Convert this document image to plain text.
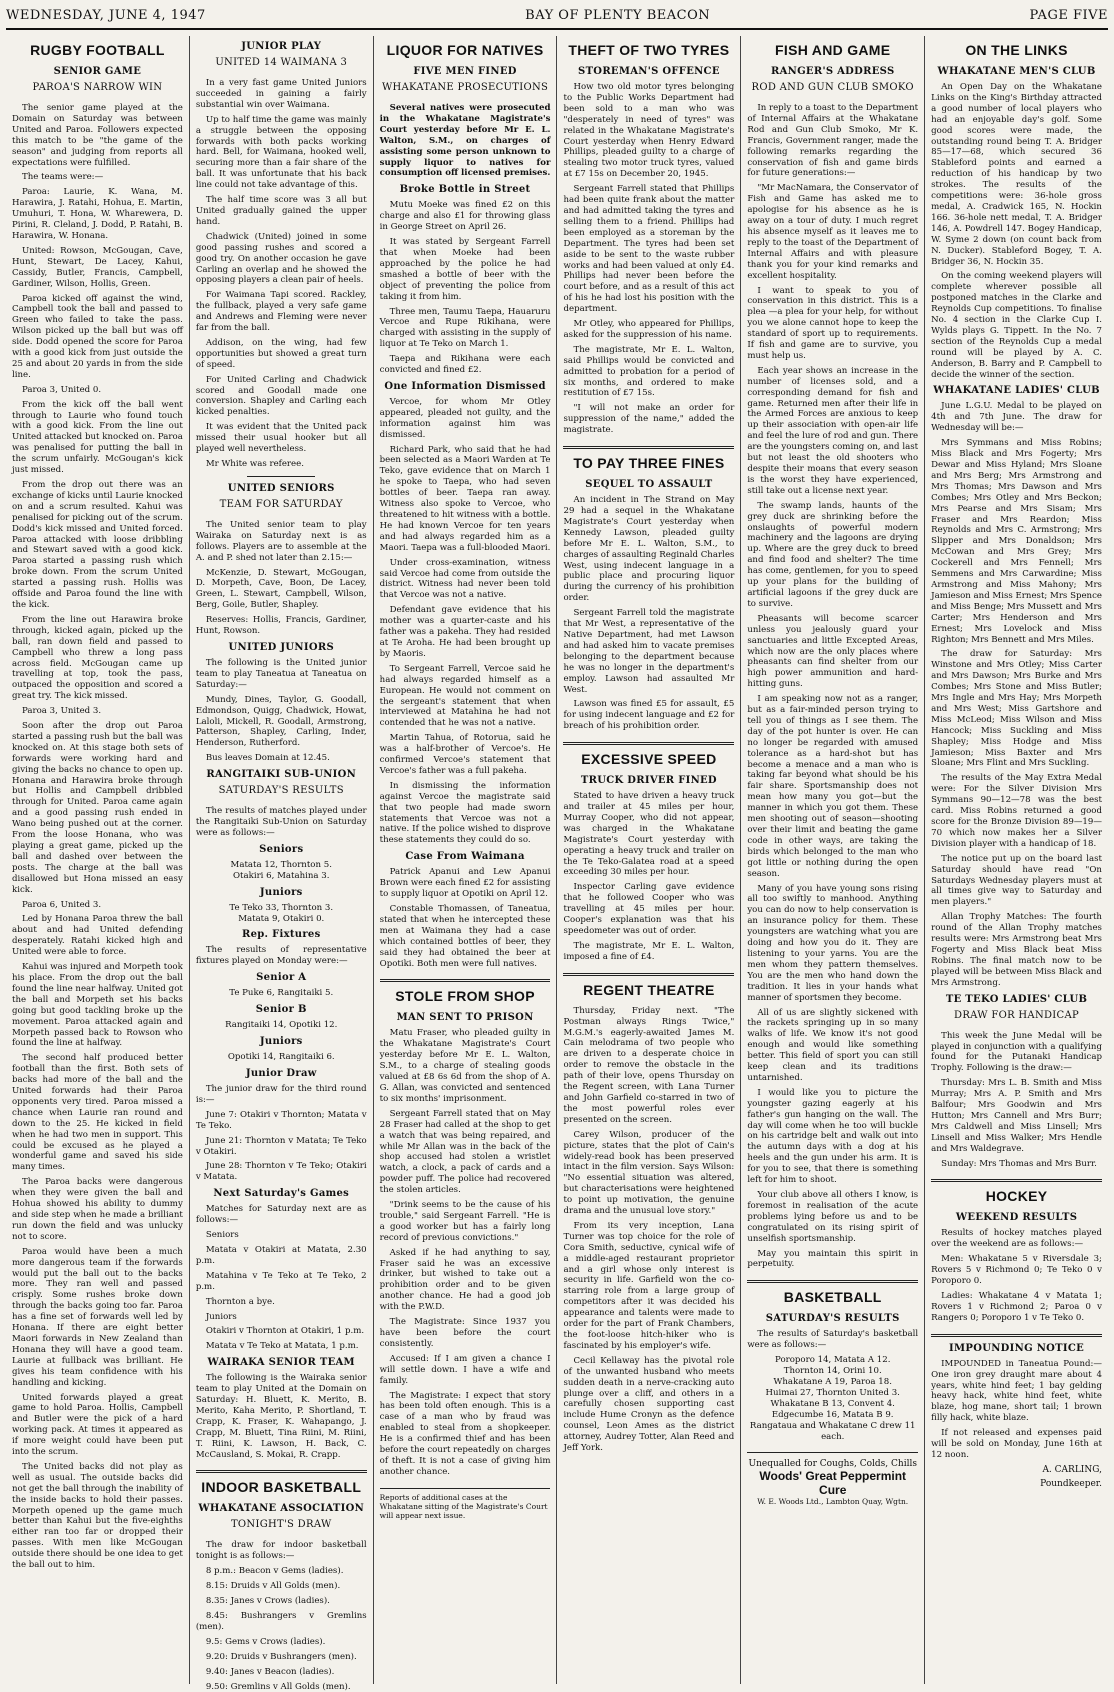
WEDNESDAY, JUNE 4, 1947	BAY OF PLENTY BEACON	PAGE FIVE
RUGBY FOOTBALL
SENIOR GAME
PAROA'S NARROW WIN

The senior game played at the Domain on Saturday was between United and Paroa. Followers expected this match to be "the game of the season" and judging from reports all expectations were fulfilled.

The teams were:—

Paroa: Laurie, K. Wana, M. Harawira, J. Ratahi, Hohua, E. Martin, Umuhuri, T. Hona, W. Wharewera, D. Pirini, R. Cleland, J. Dodd, P. Ratahi, B. Harawira, W. Honana.

United: Rowson, McGougan, Cave, Hunt, Stewart, De Lacey, Kahui, Cassidy, Butler, Francis, Campbell, Gardiner, Wilson, Hollis, Green.

Paroa kicked off against the wind, Campbell took the ball and passed to Green who failed to take the pass. Wilson picked up the ball but was off side. Dodd opened the score for Paroa with a good kick from just outside the 25 and about 20 yards in from the side line.

Paroa 3, United 0.

From the kick off the ball went through to Laurie who found touch with a good kick. From the line out United attacked but knocked on. Paroa was penalised for putting the ball in the scrum unfairly. McGougan's kick just missed.

From the drop out there was an exchange of kicks until Laurie knocked on and a scrum resulted. Kahui was penalised for picking out of the scrum. Dodd's kick missed and United forced. Paroa attacked with loose dribbling and Stewart saved with a good kick. Paroa started a passing rush which broke down. From the scrum United started a passing rush. Hollis was offside and Paroa found the line with the kick.

From the line out Harawira broke through, kicked again, picked up the ball, ran down field and passed to Campbell who threw a long pass across field. McGougan came up travelling at top, took the pass, outpaced the opposition and scored a great try. The kick missed.

Paroa 3, United 3.

Soon after the drop out Paroa started a passing rush but the ball was knocked on. At this stage both sets of forwards were working hard and giving the backs no chance to open up. Honana and Harawira broke through but Hollis and Campbell dribbled through for United. Paroa came again and a good passing rush ended in Wano being pushed out at the corner. From the loose Honana, who was playing a great game, picked up the ball and dashed over between the posts. The charge at the ball was disallowed but Hona missed an easy kick.

Paroa 6, United 3.

Led by Honana Paroa threw the ball about and had United defending desperately. Ratahi kicked high and United were able to force.

Kahui was injured and Morpeth took his place. From the drop out the ball found the line near halfway. United got the ball and Morpeth set his backs going but good tackling broke up the movement. Paroa attacked again and Morpeth passed back to Rowson who found the line at halfway.

The second half produced better football than the first. Both sets of backs had more of the ball and the United forwards had their Paroa opponents very tired. Paroa missed a chance when Laurie ran round and down to the 25. He kicked in field when he had two men in support. This could be excused as he played a wonderful game and saved his side many times.

The Paroa backs were dangerous when they were given the ball and Hohua showed his ability to dummy and side step when he made a brilliant run down the field and was unlucky not to score.

Paroa would have been a much more dangerous team if the forwards would put the ball out to the backs more. They ran well and passed crisply. Some rushes broke down through the backs going too far. Paroa has a fine set of forwards well led by Honana. If there are eight better Maori forwards in New Zealand than Honana they will have a good team. Laurie at fullback was brilliant. He gives his team confidence with his handling and kicking.

United forwards played a great game to hold Paroa. Hollis, Campbell and Butler were the pick of a hard working pack. At times it appeared as if more weight could have been put into the scrum.

The United backs did not play as well as usual. The outside backs did not get the ball through the inability of the inside backs to hold their passes. Morpeth opened up the game much better than Kahui but the five-eighths either ran too far or dropped their passes. With men like McGougan outside there should be one idea to get the ball out to him.

JUNIOR PLAY
UNITED 14 WAIMANA 3

In a very fast game United Juniors succeeded in gaining a fairly substantial win over Waimana.

Up to half time the game was mainly a struggle between the opposing forwards with both packs working hard. Bell, for Waimana, hooked well, securing more than a fair share of the ball. It was unfortunate that his back line could not take advantage of this.

The half time score was 3 all but United gradually gained the upper hand.

Chadwick (United) joined in some good passing rushes and scored a good try. On another occasion he gave Carling an overlap and he showed the opposing players a clean pair of heels.

For Waimana Tapi scored. Rackley, the fullback, played a very safe game and Andrews and Fleming were never far from the ball.

Addison, on the wing, had few opportunities but showed a great turn of speed.

For United Carling and Chadwick scored and Goodall made one conversion. Shapley and Carling each kicked penalties.

It was evident that the United pack missed their usual hooker but all played well nevertheless.

Mr White was referee.

UNITED SENIORS
TEAM FOR SATURDAY

The United senior team to play Wairaka on Saturday next is as follows. Players are to assemble at the A. and P. shed not later than 2.15:—

McKenzie, D. Stewart, McGougan, D. Morpeth, Cave, Boon, De Lacey, Green, L. Stewart, Campbell, Wilson, Berg, Goile, Butler, Shapley.

Reserves: Hollis, Francis, Gardiner, Hunt, Rowson.

UNITED JUNIORS

The following is the United junior team to play Taneatua at Taneatua on Saturday:—

Mundy, Dines, Taylor, G. Goodall, Edmondson, Quigg, Chadwick, Howat, Laloli, Mickell, R. Goodall, Armstrong, Patterson, Shapley, Carling, Inder, Henderson, Rutherford.

Bus leaves Domain at 12.45.

RANGITAIKI SUB-UNION
SATURDAY'S RESULTS

The results of matches played under the Rangitaiki Sub-Union on Saturday were as follows:—

Seniors

Matata 12, Thornton 5.

Otakiri 6, Matahina 3.

Juniors

Te Teko 33, Thornton 3.

Matata 9, Otakiri 0.

Rep. Fixtures

The results of representative fixtures played on Monday were:—

Senior A

Te Puke 6, Rangitaiki 5.

Senior B

Rangitaiki 14, Opotiki 12.

Juniors

Opotiki 14, Rangitaiki 6.

Junior Draw

The junior draw for the third round is:—

June 7: Otakiri v Thornton; Matata v Te Teko.

June 21: Thornton v Matata; Te Teko v Otakiri.

June 28: Thornton v Te Teko; Otakiri v Matata.

Next Saturday's Games

Matches for Saturday next are as follows:—

Seniors

Matata v Otakiri at Matata, 2.30 p.m.

Matahina v Te Teko at Te Teko, 2 p.m.

Thornton a bye.

Juniors

Otakiri v Thornton at Otakiri, 1 p.m.

Matata v Te Teko at Matata, 1 p.m.

WAIRAKA SENIOR TEAM

The following is the Wairaka senior team to play United at the Domain on Saturday: H. Bluett, K. Merito, B. Merito, Kaha Merito, P. Shortland, T. Crapp, K. Fraser, K. Wahapango, J. Crapp, M. Bluett, Tina Riini, M. Riini, T. Riini, K. Lawson, H. Back, C. McCausland, S. Mokai, R. Crapp.

INDOOR BASKETBALL
WHAKATANE ASSOCIATION
TONIGHT'S DRAW

The draw for indoor basketball tonight is as follows:—

8 p.m.: Beacon v Gems (ladies).

8.15: Druids v All Golds (men).

8.35: Janes v Crows (ladies).

8.45: Bushrangers v Gremlins (men).

9.5: Gems v Crows (ladies).

9.20: Druids v Bushrangers (men).

9.40: Janes v Beacon (ladies).

9.50: Gremlins v All Golds (men).

LIQUOR FOR NATIVES
FIVE MEN FINED
WHAKATANE PROSECUTIONS

Several natives were prosecuted in the Whakatane Magistrate's Court yesterday before Mr E. L. Walton, S.M., on charges of assisting some person unknown to supply liquor to natives for consumption off licensed premises.

Broke Bottle in Street

Mutu Moeke was fined £2 on this charge and also £1 for throwing glass in George Street on April 26.

It was stated by Sergeant Farrell that when Moeke had been approached by the police he had smashed a bottle of beer with the object of preventing the police from taking it from him.

Three men, Taumu Taepa, Hauaruru Vercoe and Rupe Rikihana, were charged with assisting in the supply of liquor at Te Teko on March 1.

Taepa and Rikihana were each convicted and fined £2.

One Information Dismissed

Vercoe, for whom Mr Otley appeared, pleaded not guilty, and the information against him was dismissed.

Richard Park, who said that he had been selected as a Maori Warden at Te Teko, gave evidence that on March 1 he spoke to Taepa, who had seven bottles of beer. Taepa ran away. Witness also spoke to Vercoe, who threatened to hit witness with a bottle. He had known Vercoe for ten years and had always regarded him as a Maori. Taepa was a full-blooded Maori.

Under cross-examination, witness said Vercoe had come from outside the district. Witness had never been told that Vercoe was not a native.

Defendant gave evidence that his mother was a quarter-caste and his father was a pakeha. They had resided at Te Aroha. He had been brought up by Maoris.

To Sergeant Farrell, Vercoe said he had always regarded himself as a European. He would not comment on the sergeant's statement that when interviewed at Matahina he had not contended that he was not a native.

Martin Tahua, of Rotorua, said he was a half-brother of Vercoe's. He confirmed Vercoe's statement that Vercoe's father was a full pakeha.

In dismissing the information against Vercoe the magistrate said that two people had made sworn statements that Vercoe was not a native. If the police wished to disprove these statements they could do so.

Case From Waimana

Patrick Apanui and Lew Apanui Brown were each fined £2 for assisting to supply liquor at Opotiki on April 12.

Constable Thomassen, of Taneatua, stated that when he intercepted these men at Waimana they had a case which contained bottles of beer, they said they had obtained the beer at Opotiki. Both men were full natives.

STOLE FROM SHOP
MAN SENT TO PRISON

Matu Fraser, who pleaded guilty in the Whakatane Magistrate's Court yesterday before Mr E. L. Walton, S.M., to a charge of stealing goods valued at £8 6s 6d from the shop of A. G. Allan, was convicted and sentenced to six months' imprisonment.

Sergeant Farrell stated that on May 28 Fraser had called at the shop to get a watch that was being repaired, and while Mr Allan was in the back of the shop accused had stolen a wristlet watch, a clock, a pack of cards and a powder puff. The police had recovered the stolen articles.

"Drink seems to be the cause of his trouble," said Sergeant Farrell. "He is a good worker but has a fairly long record of previous convictions."

Asked if he had anything to say, Fraser said he was an excessive drinker, but wished to take out a prohibition order and to be given another chance. He had a good job with the P.W.D.

The Magistrate: Since 1937 you have been before the court consistently.

Accused: If I am given a chance I will settle down. I have a wife and family.

The Magistrate: I expect that story has been told often enough. This is a case of a man who by fraud was enabled to steal from a shopkeeper. He is a confirmed thief and has been before the court repeatedly on charges of theft. It is not a case of giving him another chance.

Reports of additional cases at the Whakatane sitting of the Magistrate's Court will appear next issue.
THEFT OF TWO TYRES
STOREMAN'S OFFENCE

How two old motor tyres belonging to the Public Works Department had been sold to a man who was "desperately in need of tyres" was related in the Whakatane Magistrate's Court yesterday when Henry Edward Phillips, pleaded guilty to a charge of stealing two motor truck tyres, valued at £7 15s on December 20, 1945.

Sergeant Farrell stated that Phillips had been quite frank about the matter and had admitted taking the tyres and selling them to a friend. Phillips had been employed as a storeman by the Department. The tyres had been set aside to be sent to the waste rubber works and had been valued at only £4. Phillips had never been before the court before, and as a result of this act of his he had lost his position with the department.

Mr Otley, who appeared for Phillips, asked for the suppression of his name.

The magistrate, Mr E. L. Walton, said Phillips would be convicted and admitted to probation for a period of six months, and ordered to make restitution of £7 15s.

"I will not make an order for suppression of the name," added the magistrate.

TO PAY THREE FINES
SEQUEL TO ASSAULT

An incident in The Strand on May 29 had a sequel in the Whakatane Magistrate's Court yesterday when Kennedy Lawson, pleaded guilty before Mr E. L. Walton, S.M., to charges of assaulting Reginald Charles West, using indecent language in a public place and procuring liquor during the currency of his prohibition order.

Sergeant Farrell told the magistrate that Mr West, a representative of the Native Department, had met Lawson and had asked him to vacate premises belonging to the department because he was no longer in the department's employ. Lawson had assaulted Mr West.

Lawson was fined £5 for assault, £5 for using indecent language and £2 for breach of his prohibition order.

EXCESSIVE SPEED
TRUCK DRIVER FINED

Stated to have driven a heavy truck and trailer at 45 miles per hour, Murray Cooper, who did not appear, was charged in the Whakatane Magistrate's Court yesterday with operating a heavy truck and trailer on the Te Teko-Galatea road at a speed exceeding 30 miles per hour.

Inspector Carling gave evidence that he followed Cooper who was travelling at 45 miles per hour. Cooper's explanation was that his speedometer was out of order.

The magistrate, Mr E. L. Walton, imposed a fine of £4.

REGENT THEATRE

Thursday, Friday next. "The Postman always Rings Twice," M.G.M.'s eagerly-awaited James M. Cain melodrama of two people who are driven to a desperate choice in order to remove the obstacle in the path of their love, opens Thursday on the Regent screen, with Lana Turner and John Garfield co-starred in two of the most powerful roles ever presented on the screen.

Carey Wilson, producer of the picture, states that the plot of Cain's widely-read book has been preserved intact in the film version. Says Wilson: "No essential situation was altered, but characterisations were heightened to point up motivation, the genuine drama and the unusual love story."

From its very inception, Lana Turner was top choice for the role of Cora Smith, seductive, cynical wife of a middle-aged restaurant proprietor and a girl whose only interest is security in life. Garfield won the co-starring role from a large group of competitors after it was decided his appearance and talents were made to order for the part of Frank Chambers, the foot-loose hitch-hiker who is fascinated by his employer's wife.

Cecil Kellaway has the pivotal role of the unwanted husband who meets sudden death in a nerve-cracking auto plunge over a cliff, and others in a carefully chosen supporting cast include Hume Cronyn as the defence counsel, Leon Ames as the district attorney, Audrey Totter, Alan Reed and Jeff York.

FISH AND GAME
RANGER'S ADDRESS
ROD AND GUN CLUB SMOKO

In reply to a toast to the Department of Internal Affairs at the Whakatane Rod and Gun Club Smoko, Mr K. Francis, Government ranger, made the following remarks regarding the conservation of fish and game birds for future generations:—

"Mr MacNamara, the Conservator of Fish and Game has asked me to apologise for his absence as he is away on a tour of duty. I much regret his absence myself as it leaves me to reply to the toast of the Department of Internal Affairs and with pleasure thank you for your kind remarks and excellent hospitality.

I want to speak to you of conservation in this district. This is a plea —a plea for your help, for without you we alone cannot hope to keep the standard of sport up to requirements. If fish and game are to survive, you must help us.

Each year shows an increase in the number of licenses sold, and a corresponding demand for fish and game. Returned men after their life in the Armed Forces are anxious to keep up their association with open-air life and feel the lure of rod and gun. There are the youngsters coming on, and last but not least the old shooters who despite their moans that every season is the worst they have experienced, still take out a license next year.

The swamp lands, haunts of the grey duck are shrinking before the onslaughts of powerful modern machinery and the lagoons are drying up. Where are the grey duck to breed and find food and shelter? The time has come, gentlemen, for you to speed up your plans for the building of artificial lagoons if the grey duck are to survive.

Pheasants will become scarcer unless you jealously guard your sanctuaries and little Excepted Areas, which now are the only places where pheasants can find shelter from our high power ammunition and hard-hitting guns.

I am speaking now not as a ranger, but as a fair-minded person trying to tell you of things as I see them. The day of the pot hunter is over. He can no longer be regarded with amused tolerance as a hard-shot but has become a menace and a man who is taking far beyond what should be his fair share. Sportsmanship does not mean how many you got—but the manner in which you got them. These men shooting out of season—shooting over their limit and beating the game code in other ways, are taking the birds which belonged to the man who got little or nothing during the open season.

Many of you have young sons rising all too swiftly to manhood. Anything you can do now to help conservation is an insurance policy for them. These youngsters are watching what you are doing and how you do it. They are listening to your yarns. You are the men whom they pattern themselves. You are the men who hand down the tradition. It lies in your hands what manner of sportsmen they become.

All of us are slightly sickened with the rackets springing up in so many walks of life. We know it's not good enough and would like something better. This field of sport you can still keep clean and its traditions untarnished.

I would like you to picture the youngster gazing eagerly at his father's gun hanging on the wall. The day will come when he too will buckle on his cartridge belt and walk out into the autumn days with a dog at his heels and the gun under his arm. It is for you to see, that there is something left for him to shoot.

Your club above all others I know, is foremost in realisation of the acute problems lying before us and to be congratulated on its rising spirit of unselfish sportsmanship.

May you maintain this spirit in perpetuity.

BASKETBALL
SATURDAY'S RESULTS

The results of Saturday's basketball were as follows:—

Poroporo 14, Matata A 12.

Thornton 14, Orini 10.

Whakatane A 19, Paroa 18.

Huimai 27, Thornton United 3.

Whakatane B 13, Convent 4.

Edgecumbe 16, Matata B 9.

Rangataua and Whakatane C drew 11 each.

Unequalled for Coughs, Colds, Chills
Woods' Great Peppermint Cure
W. E. Woods Ltd., Lambton Quay, Wgtn.
ON THE LINKS
WHAKATANE MEN'S CLUB

An Open Day on the Whakatane Links on the King's Birthday attracted a good number of local players who had an enjoyable day's golf. Some good scores were made, the outstanding round being T. A. Bridger 85—17—68, which secured 36 Stableford points and earned a reduction of his handicap by two strokes. The results of the competitions were: 36-hole gross medal, A. Cradwick 165, N. Hockin 166. 36-hole nett medal, T. A. Bridger 146, A. Powdrell 147. Bogey Handicap, W. Syme 2 down (on count back from N. Ducker). Stableford Bogey, T. A. Bridger 36, N. Hockin 35.

On the coming weekend players will complete wherever possible all postponed matches in the Clarke and Reynolds Cup competitions. To finalise No. 4 section in the Clarke Cup I. Wylds plays G. Tippett. In the No. 7 section of the Reynolds Cup a medal round will be played by A. C. Anderson, B. Barry and P. Campbell to decide the winner of the section.

WHAKATANE LADIES' CLUB

June L.G.U. Medal to be played on 4th and 7th June. The draw for Wednesday will be:—

Mrs Symmans and Miss Robins; Miss Black and Mrs Fogerty; Mrs Dewar and Miss Hyland; Mrs Sloane and Mrs Berg; Mrs Armstrong and Mrs Thomas; Mrs Dawson and Mrs Combes; Mrs Otley and Mrs Beckon; Mrs Pearse and Mrs Sisam; Mrs Fraser and Mrs Reardon; Miss Reynolds and Mrs C. Armstrong; Mrs Slipper and Mrs Donaldson; Mrs McCowan and Mrs Grey; Mrs Cockerell and Mrs Fennell; Mrs Semmens and Mrs Carwardine; Miss Armstrong and Miss Mahony; Mrs Jamieson and Miss Ernest; Mrs Spence and Miss Benge; Mrs Mussett and Mrs Carter; Mrs Henderson and Mrs Ernest; Mrs Lovelock and Miss Righton; Mrs Bennett and Mrs Miles.

The draw for Saturday: Mrs Winstone and Mrs Otley; Miss Carter and Mrs Dawson; Mrs Burke and Mrs Combes; Mrs Stone and Miss Butler; Mrs Ingle and Mrs Hay; Mrs Morpeth and Mrs West; Miss Gartshore and Miss McLeod; Miss Wilson and Miss Hancock; Miss Suckling and Miss Shapley; Miss Hodge and Miss Jamieson; Miss Baxter and Mrs Sloane; Mrs Flint and Mrs Suckling.

The results of the May Extra Medal were: For the Silver Division Mrs Symmans 90—12—78 was the best card. Miss Robins returned a good score for the Bronze Division 89—19—70 which now makes her a Silver Division player with a handicap of 18.

The notice put up on the board last Saturday should have read "On Saturdays Wednesday players must at all times give way to Saturday and men players."

Allan Trophy Matches: The fourth round of the Allan Trophy matches results were: Mrs Armstrong beat Mrs Fogerty and Miss Black beat Miss Robins. The final match now to be played will be between Miss Black and Mrs Armstrong.

TE TEKO LADIES' CLUB
DRAW FOR HANDICAP

This week the June Medal will be played in conjunction with a qualifying found for the Putanaki Handicap Trophy. Following is the draw:—

Thursday: Mrs L. B. Smith and Miss Murray; Mrs A. P. Smith and Mrs Balfour; Mrs Goodwin and Mrs Hutton; Mrs Cannell and Mrs Burr; Mrs Caldwell and Miss Linsell; Mrs Linsell and Miss Walker; Mrs Hendle and Mrs Waldegrave.

Sunday: Mrs Thomas and Mrs Burr.

HOCKEY
WEEKEND RESULTS

Results of hockey matches played over the weekend are as follows:—

Men: Whakatane 5 v Riversdale 3; Rovers 5 v Richmond 0; Te Teko 0 v Poroporo 0.

Ladies: Whakatane 4 v Matata 1; Rovers 1 v Richmond 2; Paroa 0 v Rangers 0; Poroporo 1 v Te Teko 0.

IMPOUNDING NOTICE

IMPOUNDED in Taneatua Pound:— One iron grey draught mare about 4 years, white hind feet; 1 bay gelding heavy hack, white hind feet, white blaze, hog mane, short tail; 1 brown filly hack, white blaze.

If not released and expenses paid will be sold on Monday, June 16th at 12 noon.

A. CARLING,
Poundkeeper.
